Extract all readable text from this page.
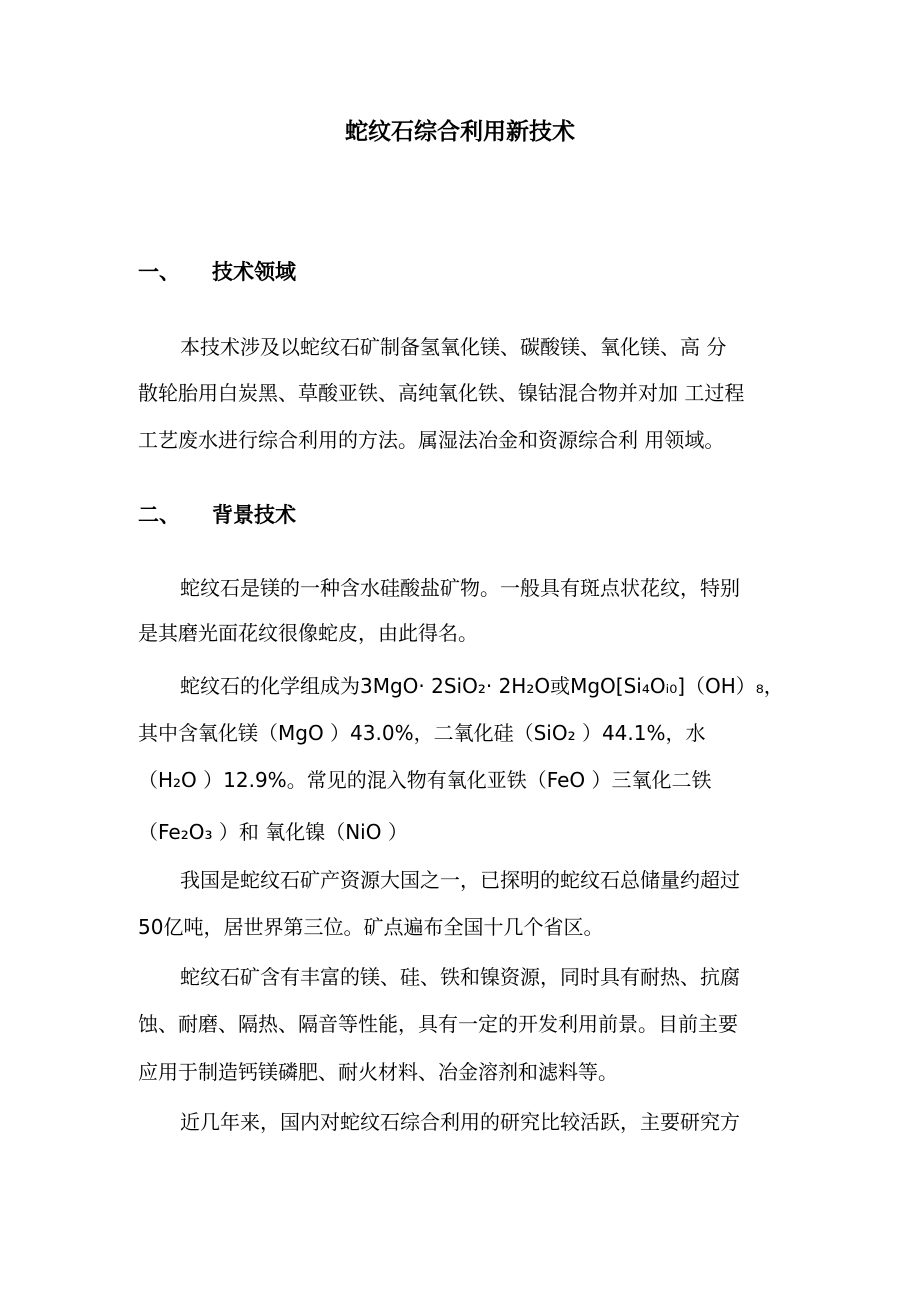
蛇纹石综合利用新技术
一、 技术领域
本技术涉及以蛇纹石矿制备氢氧化镁、碳酸镁、氧化镁、高 分
散轮胎用白炭黑、草酸亚铁、高纯氧化铁、镍钴混合物并对加 工过程
工艺废水进行综合利用的方法。属湿法冶金和资源综合利 用领域。
二、 背景技术
蛇纹石是镁的一种含水硅酸盐矿物。一般具有斑点状花纹，特别
是其磨光面花纹很像蛇皮，由此得名。
蛇纹石的化学组成为3MgO· 2SiO₂· 2H₂O或MgO[Si₄Oᵢ₀]（OH）₈，
其中含氧化镁（MgO ）43.0%，二氧化硅（SiO₂ ）44.1%，水
（H₂O ）12.9%。常见的混入物有氧化亚铁（FeO ）三氧化二铁
（Fe₂O₃ ）和 氧化镍（NiO ）
我国是蛇纹石矿产资源大国之一，已探明的蛇纹石总储量约超过
50亿吨，居世界第三位。矿点遍布全国十几个省区。
蛇纹石矿含有丰富的镁、硅、铁和镍资源，同时具有耐热、抗腐
蚀、耐磨、隔热、隔音等性能，具有一定的开发利用前景。目前主要
应用于制造钙镁磷肥、耐火材料、冶金溶剂和滤料等。
近几年来，国内对蛇纹石综合利用的研究比较活跃，主要研究方
